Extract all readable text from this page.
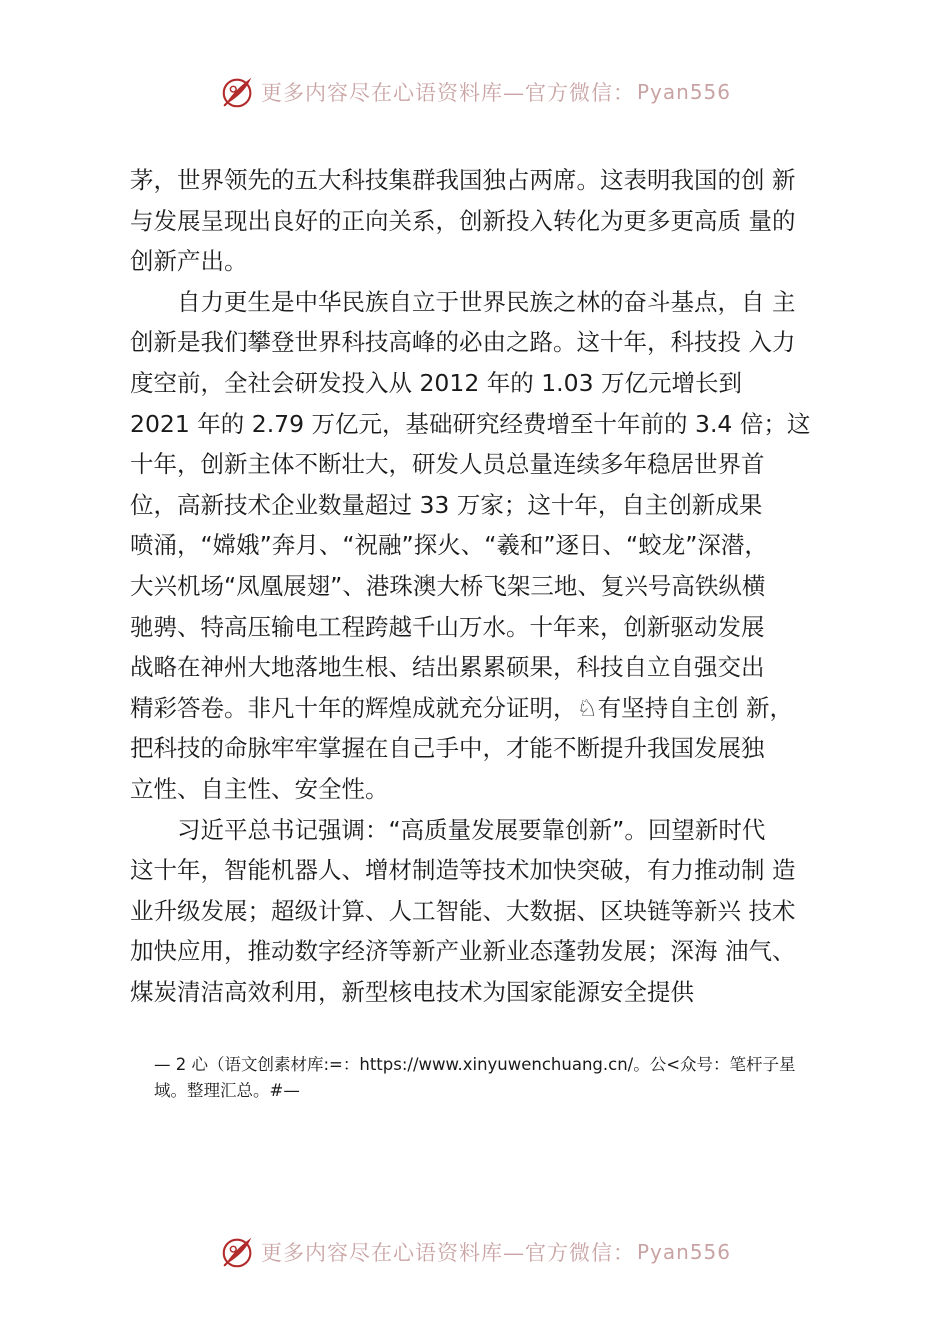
更多内容尽在心语资料库—官方微信： Pyan556
茅，世界领先的五大科技集群我国独占两席。这表明我国的创 新
与发展呈现出良好的正向关系，创新投入转化为更多更高质 量的
创新产出。
　　自力更生是中华民族自立于世界民族之林的奋斗基点，自 主
创新是我们攀登世界科技高峰的必由之路。这十年，科技投 入力
度空前，全社会研发投入从 2012 年的 1.03 万亿元增长到
2021 年的 2.79 万亿元，基础研究经费增至十年前的 3.4 倍；这
十年，创新主体不断壮大，研发人员总量连续多年稳居世界首
位，高新技术企业数量超过 33 万家；这十年，自主创新成果
喷涌，“嫦娥”奔月、“祝融”探火、“羲和”逐日、“蛟龙”深潜，
大兴机场“凤凰展翅”、港珠澳大桥飞架三地、复兴号高铁纵横
驰骋、特高压输电工程跨越千山万水。十年来，创新驱动发展
战略在神州大地落地生根、结出累累硕果，科技自立自强交出
精彩答卷。非凡十年的辉煌成就充分证明，♘有坚持自主创 新，
把科技的命脉牢牢掌握在自己手中，才能不断提升我国发展独
立性、自主性、安全性。
　　习近平总书记强调：“高质量发展要靠创新”。回望新时代
这十年，智能机器人、增材制造等技术加快突破，有力推动制 造
业升级发展；超级计算、人工智能、大数据、区块链等新兴 技术
加快应用，推动数字经济等新产业新业态蓬勃发展；深海 油气、
煤炭清洁高效利用，新型核电技术为国家能源安全提供
— 2 心（语文创素材库:=：https://www.xinyuwenchuang.cn/。公<众号：笔杆子星
域。整理汇总。#—
更多内容尽在心语资料库—官方微信： Pyan556
